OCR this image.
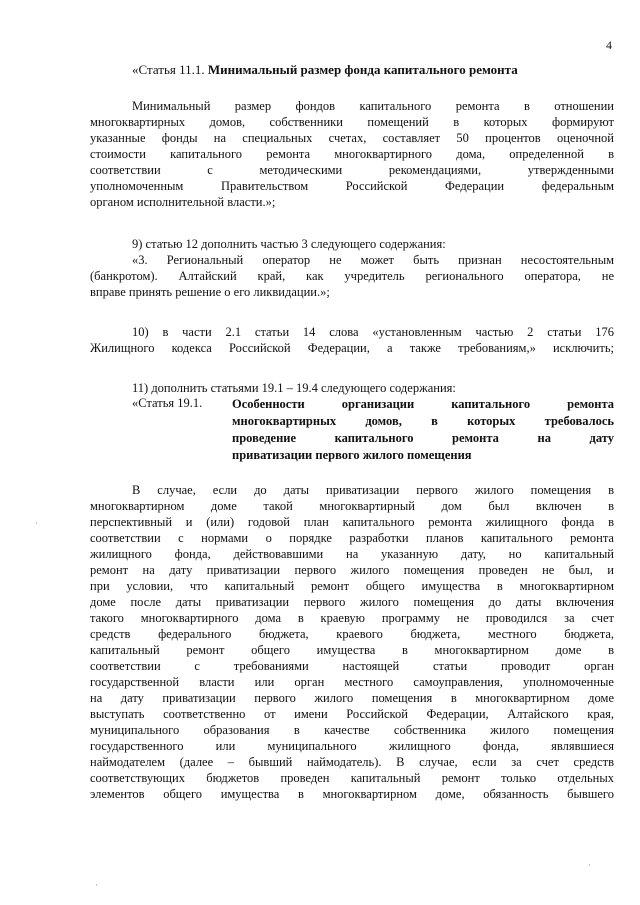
4
«Статья 11.1. Минимальный размер фонда капитального ремонта
Минимальный размер фондов капитального ремонта в отношении
многоквартирных домов, собственники помещений в которых формируют
указанные фонды на специальных счетах, составляет 50 процентов оценочной
стоимости капитального ремонта многоквартирного дома, определенной в
соответствии с методическими рекомендациями, утвержденными
уполномоченным Правительством Российской Федерации федеральным
органом исполнительной власти.»;
9) статью 12 дополнить частью 3 следующего содержания:
«3. Региональный оператор не может быть признан несостоятельным
(банкротом). Алтайский край, как учредитель регионального оператора, не
вправе принять решение о его ликвидации.»;
10) в части 2.1 статьи 14 слова «установленным частью 2 статьи 176
Жилищного кодекса Российской Федерации, а также требованиям,» исключить;
11) дополнить статьями 19.1 – 19.4 следующего содержания:
«Статья 19.1. Особенности организации капитального ремонта
многоквартирных домов, в которых требовалось
проведение капитального ремонта на дату
приватизации первого жилого помещения
В случае, если до даты приватизации первого жилого помещения в
многоквартирном доме такой многоквартирный дом был включен в
перспективный и (или) годовой план капитального ремонта жилищного фонда в
соответствии с нормами о порядке разработки планов капитального ремонта
жилищного фонда, действовавшими на указанную дату, но капитальный
ремонт на дату приватизации первого жилого помещения проведен не был, и
при условии, что капитальный ремонт общего имущества в многоквартирном
доме после даты приватизации первого жилого помещения до даты включения
такого многоквартирного дома в краевую программу не проводился за счет
средств федерального бюджета, краевого бюджета, местного бюджета,
капитальный ремонт общего имущества в многоквартирном доме в
соответствии с требованиями настоящей статьи проводит орган
государственной власти или орган местного самоуправления, уполномоченные
на дату приватизации первого жилого помещения в многоквартирном доме
выступать соответственно от имени Российской Федерации, Алтайского края,
муниципального образования в качестве собственника жилого помещения
государственного или муниципального жилищного фонда, являвшиеся
наймодателем (далее – бывший наймодатель). В случае, если за счет средств
соответствующих бюджетов проведен капитальный ремонт только отдельных
элементов общего имущества в многоквартирном доме, обязанность бывшего
·
·
·
